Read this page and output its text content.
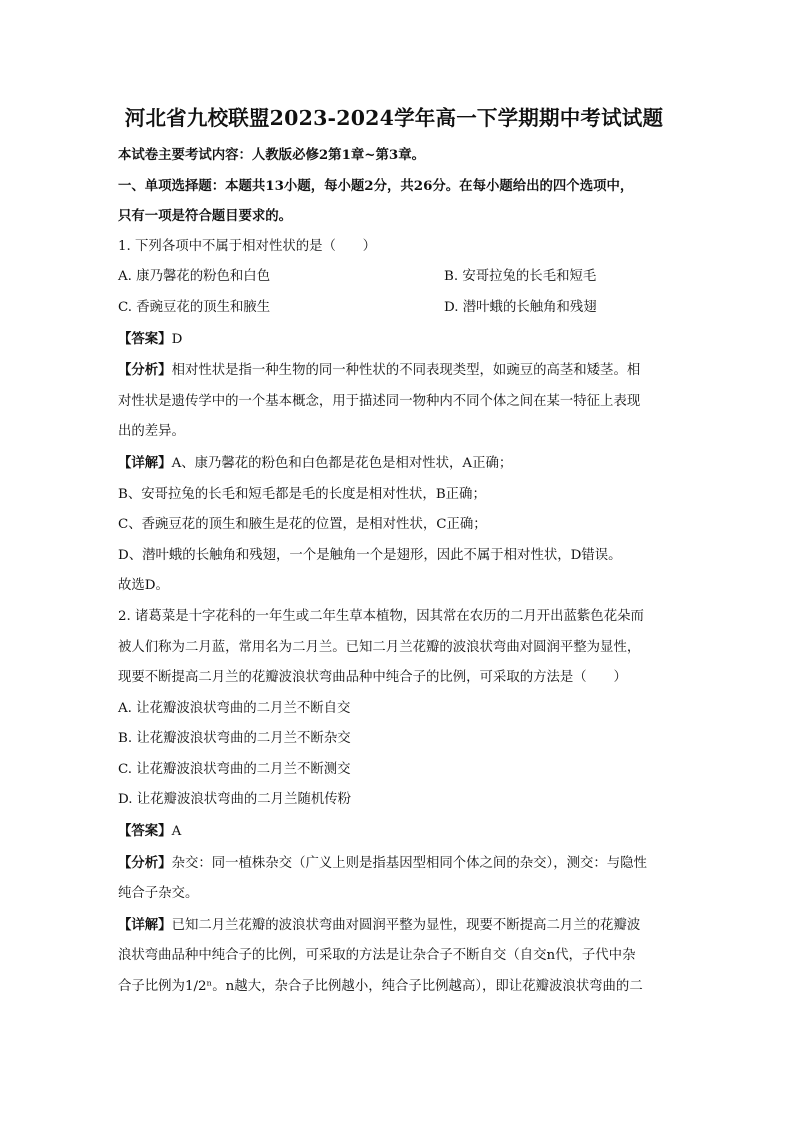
河北省九校联盟2023-2024学年高一下学期期中考试试题

本试卷主要考试内容：人教版必修2第1章~第3章。

一、单项选择题：本题共13小题，每小题2分，共26分。在每小题给出的四个选项中，

只有一项是符合题目要求的。

1. 下列各项中不属于相对性状的是（　　）

A. 康乃馨花的粉色和白色	B. 安哥拉兔的长毛和短毛
C. 香豌豆花的顶生和腋生	D. 潜叶蛾的长触角和残翅

【答案】D

【分析】相对性状是指一种生物的同一种性状的不同表现类型，如豌豆的高茎和矮茎。相

对性状是遗传学中的一个基本概念，用于描述同一物种内不同个体之间在某一特征上表现

出的差异。

【详解】A、康乃馨花的粉色和白色都是花色是相对性状，A正确；

B、安哥拉兔的长毛和短毛都是毛的长度是相对性状，B正确；

C、香豌豆花的顶生和腋生是花的位置，是相对性状，C正确；

D、潜叶蛾的长触角和残翅，一个是触角一个是翅形，因此不属于相对性状，D错误。

故选D。

2. 诸葛菜是十字花科的一年生或二年生草本植物，因其常在农历的二月开出蓝紫色花朵而

被人们称为二月蓝，常用名为二月兰。已知二月兰花瓣的波浪状弯曲对圆润平整为显性，

现要不断提高二月兰的花瓣波浪状弯曲品种中纯合子的比例，可采取的方法是（　　）

A. 让花瓣波浪状弯曲的二月兰不断自交

B. 让花瓣波浪状弯曲的二月兰不断杂交

C. 让花瓣波浪状弯曲的二月兰不断测交

D. 让花瓣波浪状弯曲的二月兰随机传粉

【答案】A

【分析】杂交：同一植株杂交（广义上则是指基因型相同个体之间的杂交），测交：与隐性

纯合子杂交。

【详解】已知二月兰花瓣的波浪状弯曲对圆润平整为显性，现要不断提高二月兰的花瓣波

浪状弯曲品种中纯合子的比例，可采取的方法是让杂合子不断自交（自交n代，子代中杂

合子比例为1/2ⁿ。n越大，杂合子比例越小，纯合子比例越高），即让花瓣波浪状弯曲的二
